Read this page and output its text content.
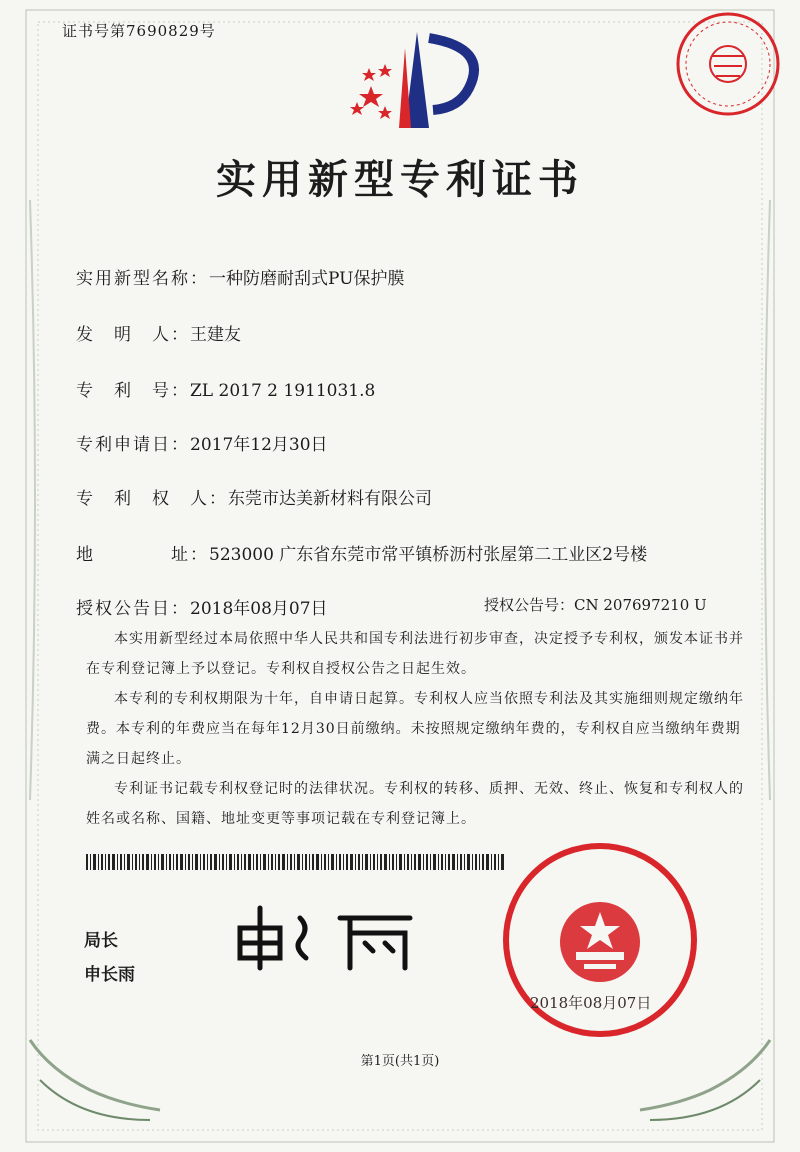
证书号第7690829号
实用新型专利证书
实用新型名称：一种防磨耐刮式PU保护膜
发　明　人：王建友
专　利　号：ZL 2017 2 1911031.8
专利申请日：2017年12月30日
专　利　权　人：东莞市达美新材料有限公司
地　　　　址：523000 广东省东莞市常平镇桥沥村张屋第二工业区2号楼
授权公告日：2018年08月07日	授权公告号：CN 207697210 U

本实用新型经过本局依照中华人民共和国专利法进行初步审查，决定授予专利权，颁发本证书并在专利登记簿上予以登记。专利权自授权公告之日起生效。

本专利的专利权期限为十年，自申请日起算。专利权人应当依照专利法及其实施细则规定缴纳年费。本专利的年费应当在每年12月30日前缴纳。未按照规定缴纳年费的，专利权自应当缴纳年费期满之日起终止。

专利证书记载专利权登记时的法律状况。专利权的转移、质押、无效、终止、恢复和专利权人的姓名或名称、国籍、地址变更等事项记载在专利登记簿上。

局长
申长雨
2018年08月07日
第1页(共1页)
